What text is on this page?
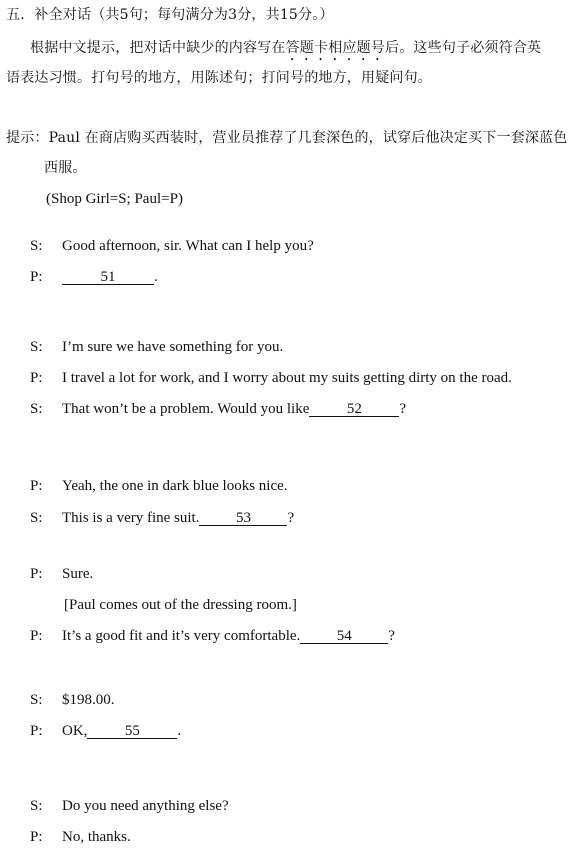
五．补全对话（共5句；每句满分为3分，共15分。）
根据中文提示，把对话中缺少的内容写在答题卡相应题号后。这些句子必须符合英
语表达习惯。打句号的地方，用陈述句；打问号的地方，用疑问句。
提示：Paul 在商店购买西装时，营业员推荐了几套深色的，试穿后他决定买下一套深蓝色
西服。
(Shop Girl=S; Paul=P)
S: Good afternoon, sir. What can I help you?
P:	51	.
S: I’m sure we have something for you.
P: I travel a lot for work, and I worry about my suits getting dirty on the road.
S: That won’t be a problem. Would you like	52	?
P: Yeah, the one in dark blue looks nice.
S: This is a very fine suit. 53 ?
P: Sure.
[Paul comes out of the dressing room.]
P: It’s a good fit and it’s very comfortable. 54 ?
S: $198.00.
P: OK,	55	.
S: Do you need anything else?
P: No, thanks.
